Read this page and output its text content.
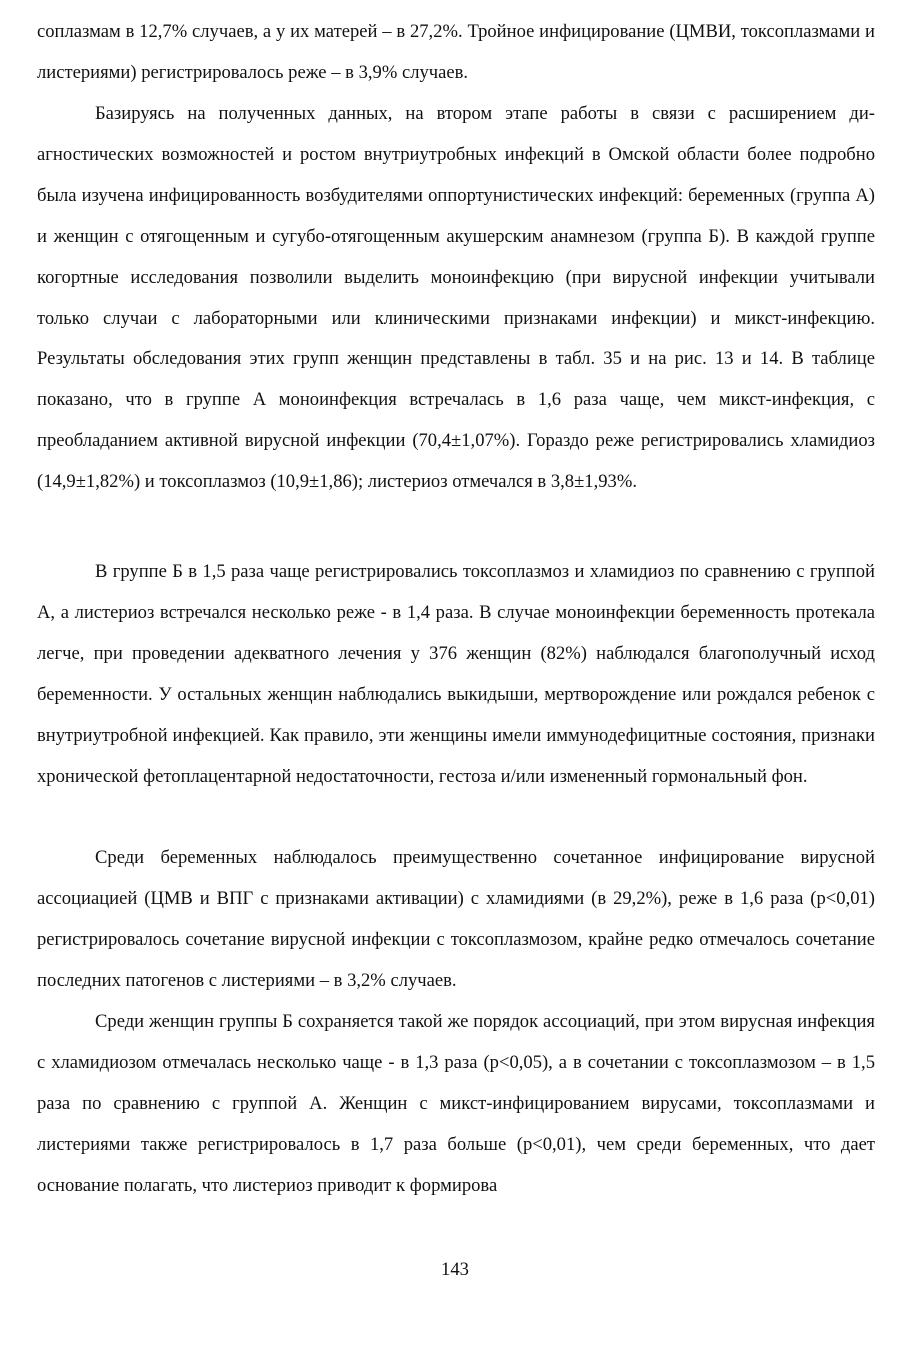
соплазмам в 12,7% случаев, а у их матерей – в 27,2%. Тройное инфицирование (ЦМВИ, токсоплазмами и листериями) регистрировалось реже – в 3,9% случаев.

Базируясь на полученных данных, на втором этапе работы в связи с расширением диагностических возможностей и ростом внутриутробных инфекций в Омской области более подробно была изучена инфицированность возбудителями оппортунистических инфекций: беременных (группа А) и женщин с отягощенным и сугубо-отягощенным акушерским анамнезом (группа Б). В каждой группе когортные исследования позволили выделить моноинфекцию (при вирусной инфекции учитывали только случаи с лабораторными или клиническими признаками инфекции) и микст-инфекцию. Результаты обследования этих групп женщин представлены в табл. 35 и на рис. 13 и 14. В таблице показано, что в группе А моноинфекция встречалась в 1,6 раза чаще, чем микст-инфекция, с преобладанием активной вирусной инфекции (70,4±1,07%). Гораздо реже регистрировались хламидиоз (14,9±1,82%) и токсоплазмоз (10,9±1,86); листериоз отмечался в 3,8±1,93%.

В группе Б в 1,5 раза чаще регистрировались токсоплазмоз и хламидиоз по сравнению с группой А, а листериоз встречался несколько реже - в 1,4 раза. В случае моноинфекции беременность протекала легче, при проведении адекватного лечения у 376 женщин (82%) наблюдался благополучный исход беременности. У остальных женщин наблюдались выкидыши, мертворождение или рождался ребенок с внутриутробной инфекцией. Как правило, эти женщины имели иммунодефицитные состояния, признаки хронической фетоплацентарной недостаточности, гестоза и/или измененный гормональный фон.

Среди беременных наблюдалось преимущественно сочетанное инфицирование вирусной ассоциацией (ЦМВ и ВПГ с признаками активации) с хламидиями (в 29,2%), реже в 1,6 раза (p<0,01) регистрировалось сочетание вирусной инфекции с токсоплазмозом, крайне редко отмечалось сочетание последних патогенов с листериями – в 3,2% случаев.

Среди женщин группы Б сохраняется такой же порядок ассоциаций, при этом вирусная инфекция с хламидиозом отмечалась несколько чаще - в 1,3 раза (p<0,05), а в сочетании с токсоплазмозом – в 1,5 раза по сравнению с группой А. Женщин с микст-инфицированием вирусами, токсоплазмами и листериями также регистрировалось в 1,7 раза больше (p<0,01), чем среди беременных, что дает основание полагать, что листериоз приводит к формирова

143
